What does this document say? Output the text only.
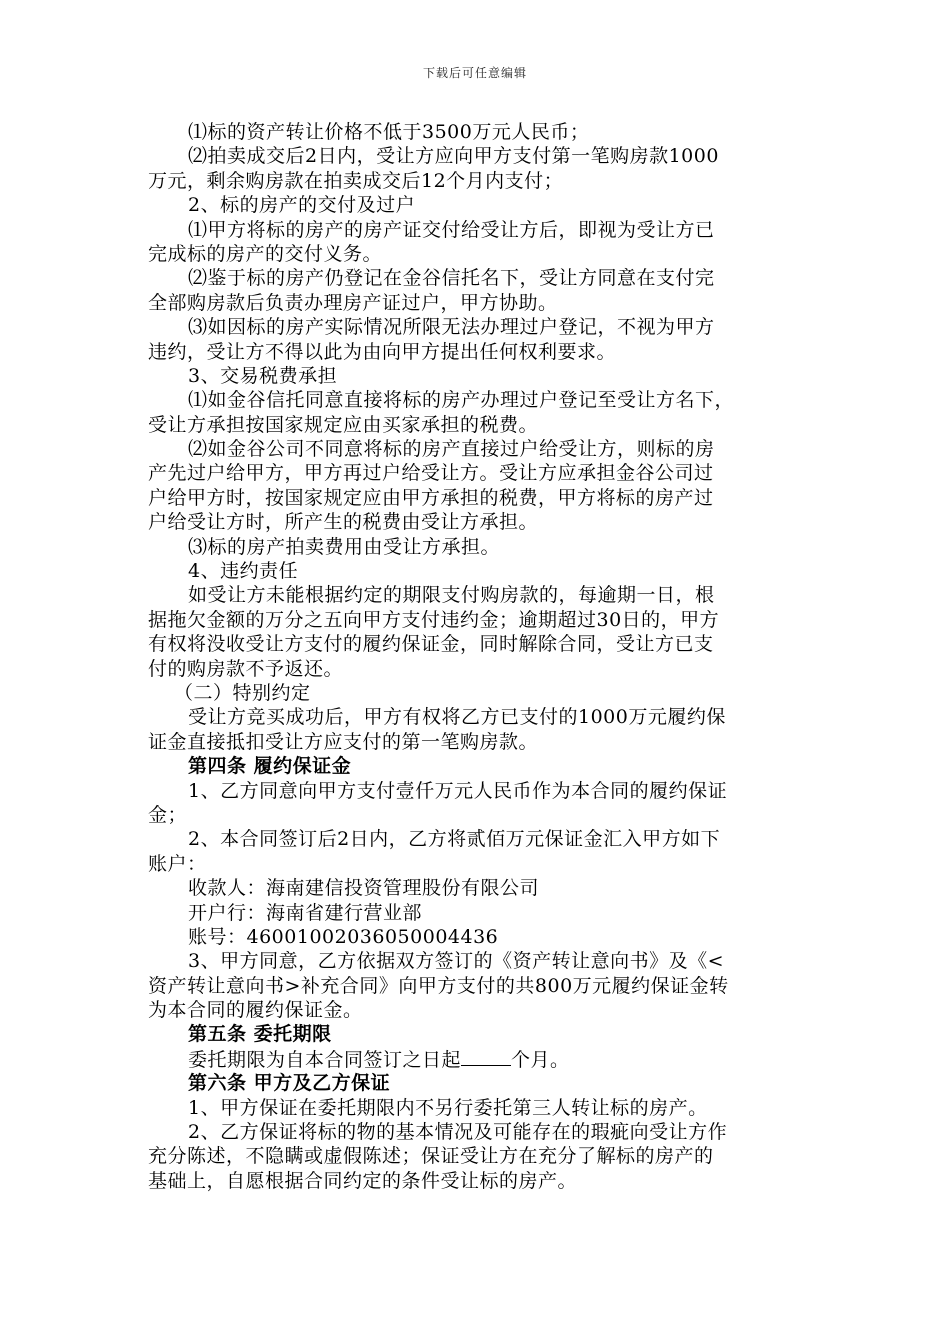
下载后可任意编辑
⑴标的资产转让价格不低于3500万元人民币；
⑵拍卖成交后2日内，受让方应向甲方支付第一笔购房款1000
万元，剩余购房款在拍卖成交后12个月内支付；
2、标的房产的交付及过户
⑴甲方将标的房产的房产证交付给受让方后，即视为受让方已
完成标的房产的交付义务。
⑵鉴于标的房产仍登记在金谷信托名下，受让方同意在支付完
全部购房款后负责办理房产证过户，甲方协助。
⑶如因标的房产实际情况所限无法办理过户登记，不视为甲方
违约，受让方不得以此为由向甲方提出任何权利要求。
3、交易税费承担
⑴如金谷信托同意直接将标的房产办理过户登记至受让方名下，
受让方承担按国家规定应由买家承担的税费。
⑵如金谷公司不同意将标的房产直接过户给受让方，则标的房
产先过户给甲方，甲方再过户给受让方。受让方应承担金谷公司过
户给甲方时，按国家规定应由甲方承担的税费，甲方将标的房产过
户给受让方时，所产生的税费由受让方承担。
⑶标的房产拍卖费用由受让方承担。
4、违约责任
如受让方未能根据约定的期限支付购房款的，每逾期一日，根
据拖欠金额的万分之五向甲方支付违约金；逾期超过30日的，甲方
有权将没收受让方支付的履约保证金，同时解除合同，受让方已支
付的购房款不予返还。
（二）特别约定
受让方竞买成功后，甲方有权将乙方已支付的1000万元履约保
证金直接抵扣受让方应支付的第一笔购房款。
第四条 履约保证金
1、乙方同意向甲方支付壹仟万元人民币作为本合同的履约保证
金；
2、本合同签订后2日内，乙方将贰佰万元保证金汇入甲方如下
账户：
收款人：海南建信投资管理股份有限公司
开户行：海南省建行营业部
账号：46001002036050004436
3、甲方同意，乙方依据双方签订的《资产转让意向书》及《<
资产转让意向书>补充合同》向甲方支付的共800万元履约保证金转
为本合同的履约保证金。
第五条 委托期限
委托期限为自本合同签订之日起	个月。
第六条 甲方及乙方保证
1、甲方保证在委托期限内不另行委托第三人转让标的房产。
2、乙方保证将标的物的基本情况及可能存在的瑕疵向受让方作
充分陈述，不隐瞒或虚假陈述；保证受让方在充分了解标的房产的
基础上，自愿根据合同约定的条件受让标的房产。
